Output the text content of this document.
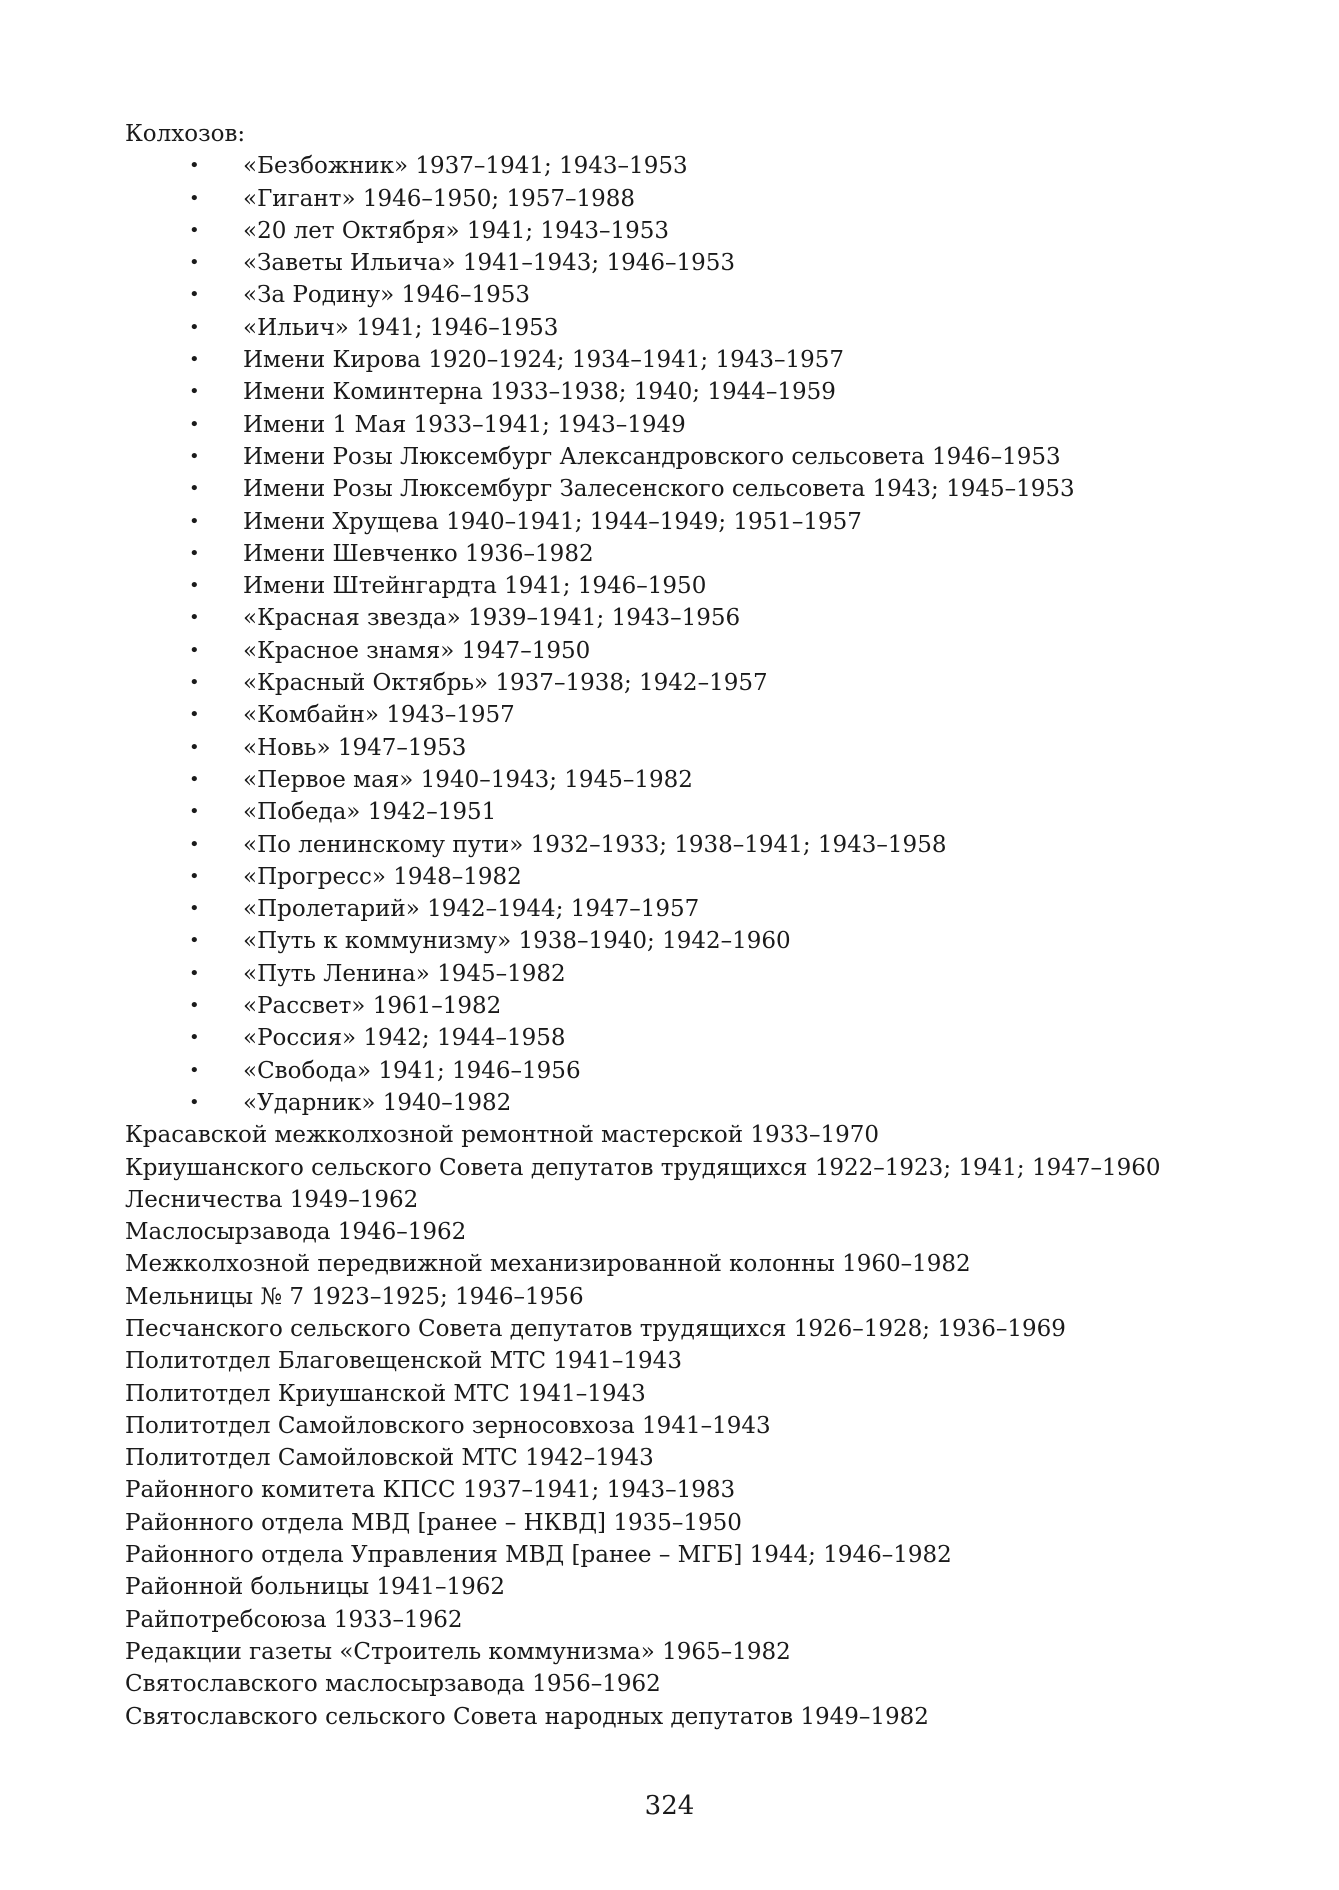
Колхозов:
• «Безбожник» 1937–1941; 1943–1953
• «Гигант» 1946–1950; 1957–1988
• «20 лет Октября» 1941; 1943–1953
• «Заветы Ильича» 1941–1943; 1946–1953
• «За Родину» 1946–1953
• «Ильич» 1941; 1946–1953
• Имени Кирова 1920–1924; 1934–1941; 1943–1957
• Имени Коминтерна 1933–1938; 1940; 1944–1959
• Имени 1 Мая 1933–1941; 1943–1949
• Имени Розы Люксембург Александровского сельсовета 1946–1953
• Имени Розы Люксембург Залесенского сельсовета 1943; 1945–1953
• Имени Хрущева 1940–1941; 1944–1949; 1951–1957
• Имени Шевченко 1936–1982
• Имени Штейнгардта 1941; 1946–1950
• «Красная звезда» 1939–1941; 1943–1956
• «Красное знамя» 1947–1950
• «Красный Октябрь» 1937–1938; 1942–1957
• «Комбайн» 1943–1957
• «Новь» 1947–1953
• «Первое мая» 1940–1943; 1945–1982
• «Победа» 1942–1951
• «По ленинскому пути» 1932–1933; 1938–1941; 1943–1958
• «Прогресс» 1948–1982
• «Пролетарий» 1942–1944; 1947–1957
• «Путь к коммунизму» 1938–1940; 1942–1960
• «Путь Ленина» 1945–1982
• «Рассвет» 1961–1982
• «Россия» 1942; 1944–1958
• «Свобода» 1941; 1946–1956
• «Ударник» 1940–1982
Красавской межколхозной ремонтной мастерской 1933–1970
Криушанского сельского Совета депутатов трудящихся 1922–1923; 1941; 1947–1960
Лесничества 1949–1962
Маслосырзавода 1946–1962
Межколхозной передвижной механизированной колонны 1960–1982
Мельницы № 7 1923–1925; 1946–1956
Песчанского сельского Совета депутатов трудящихся 1926–1928; 1936–1969
Политотдел Благовещенской МТС 1941–1943
Политотдел Криушанской МТС 1941–1943
Политотдел Самойловского зерносовхоза 1941–1943
Политотдел Самойловской МТС 1942–1943
Районного комитета КПСС 1937–1941; 1943–1983
Районного отдела МВД [ранее – НКВД] 1935–1950
Районного отдела Управления МВД [ранее – МГБ] 1944; 1946–1982
Районной больницы 1941–1962
Райпотребсоюза 1933–1962
Редакции газеты «Строитель коммунизма» 1965–1982
Святославского маслосырзавода 1956–1962
Святославского сельского Совета народных депутатов 1949–1982
324
